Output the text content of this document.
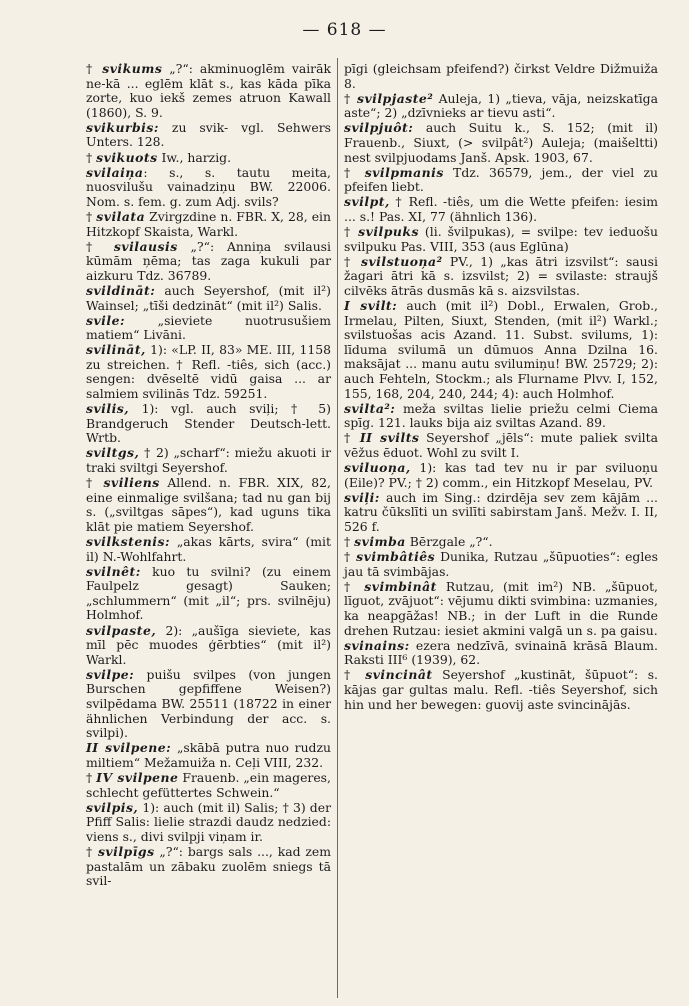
— 618 —

† svikums „?“: akminuoglēm vairāk ne-kā ... eglēm klāt s., kas kāda pīka zorte, kuo iekš zemes atruon Kawall (1860), S. 9.

svikurbis: zu svik- vgl. Sehwers Unters. 128.

† svikuots Iw., harzig.

svilaiņa: s., s. tautu meita, nuosvilušu vainadziņu BW. 22006. Nom. s. fem. g. zum Adj. svils?

† svilata Zvirgzdine n. FBR. X, 28, ein Hitzkopf Skaista, Warkl.

† svilausis „?“: Anniņa svilausi kūmām ņēma; tas zaga kukuli par aizkuru Tdz. 36789.

svildināt: auch Seyershof, (mit il²) Wainsel; „tīši dedzināt“ (mit il²) Salis.

svile: „sieviete nuotrusušiem matiem“ Livāni.

svilināt, 1): «LP. II, 83» ME. III, 1158 zu streichen. † Refl. -tiês, sich (acc.) sengen: dvēseltē vidū gaisa ... ar salmiem svilinās Tdz. 59251.

svilis, 1): vgl. auch sviļi; † 5) Brandgeruch Stender Deutsch-lett. Wrtb.

sviltgs, † 2) „scharf“: miežu akuoti ir traki sviltgi Seyershof.

† sviliens Allend. n. FBR. XIX, 82, eine einmalige svilšana; tad nu gan bij s. („sviltgas sāpes“), kad uguns tika klāt pie matiem Seyershof.

svilkstenis: „akas kārts, svira“ (mit il) N.-Wohlfahrt.

svilnêt: kuo tu svilni? (zu einem Faulpelz gesagt) Sauken; „schlummern“ (mit „il“; prs. svilnēju) Holmhof.

svilpaste, 2): „aušīga sieviete, kas mīl pēc muodes ģērbties“ (mit il²) Warkl.

svilpe: puišu svilpes (von jungen Burschen gepfiffene Weisen?) svilpēdama BW. 25511 (18722 in einer ähnlichen Verbindung der acc. s. svilpi).

II svilpene: „skābā putra nuo rudzu miltiem“ Mežamuiža n. Ceļi VIII, 232.

† IV svilpene Frauenb. „ein mageres, schlecht gefüttertes Schwein.“

svilpis, 1): auch (mit il) Salis; † 3) der Pfiff Salis: lielie strazdi daudz nedzied: viens s., divi svilpji viņam ir.

† svilpīgs „?“: bargs sals ..., kad zem pastalām un zābaku zuolēm sniegs tā svil-

pīgi (gleichsam pfeifend?) čirkst Veldre Dižmuiža 8.

† svilpjaste² Auleja, 1) „tieva, vāja, neizskatīga aste“; 2) „dzīvnieks ar tievu asti“.

svilpjuôt: auch Suitu k., S. 152; (mit il) Frauenb., Siuxt, (> svilpât²) Auleja; (maišeltti) nest svilpjuodams Janš. Apsk. 1903, 67.

† svilpmanis Tdz. 36579, jem., der viel zu pfeifen liebt.

svilpt, † Refl. -tiês, um die Wette pfeifen: iesim ... s.! Pas. XI, 77 (ähnlich 136).

† svilpuks (li. švilpukas), = svilpe: tev ieduošu svilpuku Pas. VIII, 353 (aus Eglūna)

† svilstuoņa² PV., 1) „kas ātri izsvilst“: sausi žagari ātri kā s. izsvilst; 2) = svilaste: straujš cilvēks ātrās dusmās kā s. aizsvilstas.

I svilt: auch (mit il²) Dobl., Erwalen, Grob., Irmelau, Pilten, Siuxt, Stenden, (mit il²) Warkl.; svilstuošas acis Azand. 11. Subst. svilums, 1): līduma svilumā un dūmuos Anna Dzilna 16. maksājat ... manu autu svilumiņu! BW. 25729; 2): auch Fehteln, Stockm.; als Flurname Plvv. I, 152, 155, 168, 204, 240, 244; 4): auch Holmhof.

svilta²: meža sviltas lielie priežu celmi Ciema spīg. 121. lauks bija aiz sviltas Azand. 89.

† II svilts Seyershof „jēls“: mute paliek svilta vēžus ēduot. Wohl zu svilt I.

sviluoņa, 1): kas tad tev nu ir par sviluoņu (Eile)? PV.; † 2) comm., ein Hitzkopf Meselau, PV.

sviļi: auch im Sing.: dzirdēja sev zem kājām ... katru čūkslīti un svilīti sabirstam Janš. Mežv. I. II, 526 f.

† svimba Bērzgale „?“.

† svimbâtiês Dunika, Rutzau „šūpuoties“: egles jau tā svimbājas.

† svimbinât Rutzau, (mit im²) NB. „šūpuot, līguot, zvājuot“: vējumu dikti svimbina: uzmanies, ka neapgāžas! NB.; in der Luft in die Runde drehen Rutzau: iesiet akmini valgā un s. pa gaisu.

svinains: ezera nedzīvā, svinainā krāsā Blaum. Raksti III⁶ (1939), 62.

† svincinât Seyershof „kustināt, šūpuot“: s. kājas gar gultas malu. Refl. -tiês Seyershof, sich hin und her bewegen: guovij aste svincinājās.
